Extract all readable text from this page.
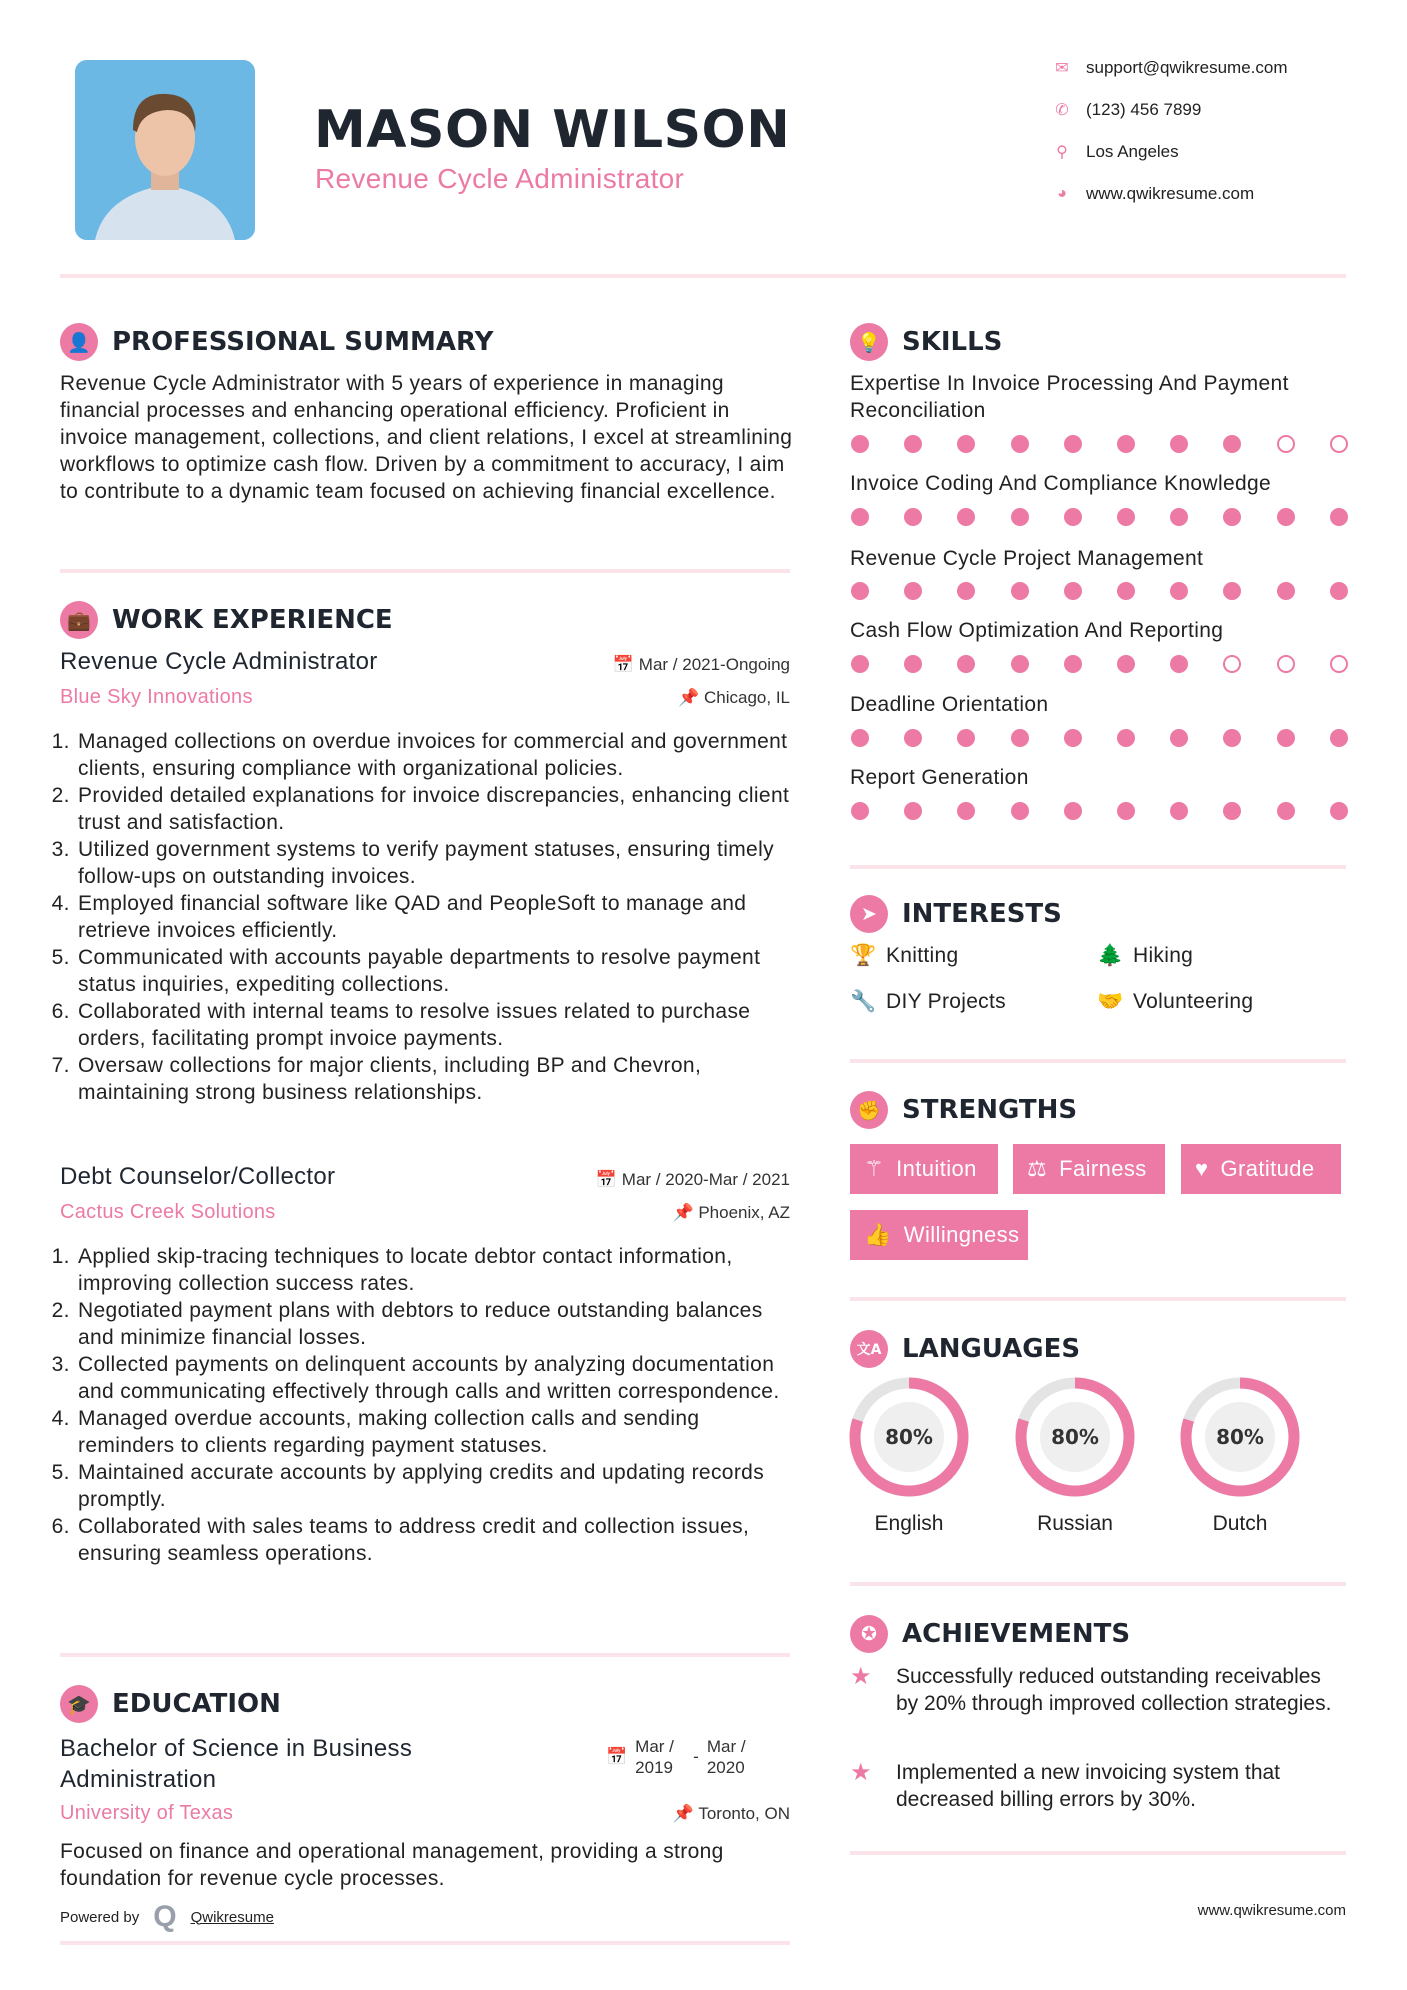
MASON WILSON
Revenue Cycle Administrator
✉ support@qwikresume.com
✆ (123) 456 7899
⚲ Los Angeles
◕	www.qwikresume.com
👤 PROFESSIONAL SUMMARY
Revenue Cycle Administrator with 5 years of experience in managing financial processes and enhancing operational efficiency. Proficient in invoice management, collections, and client relations, I excel at streamlining workflows to optimize cash flow. Driven by a commitment to accuracy, I aim to contribute to a dynamic team focused on achieving financial excellence.
💼 WORK EXPERIENCE
Revenue Cycle Administrator	📅 Mar / 2021-Ongoing
Blue Sky Innovations	📌 Chicago, IL
1. Managed collections on overdue invoices for commercial and government clients, ensuring compliance with organizational policies.
2. Provided detailed explanations for invoice discrepancies, enhancing client trust and satisfaction.
3. Utilized government systems to verify payment statuses, ensuring timely follow-ups on outstanding invoices.
4. Employed financial software like QAD and PeopleSoft to manage and retrieve invoices efficiently.
5. Communicated with accounts payable departments to resolve payment status inquiries, expediting collections.
6. Collaborated with internal teams to resolve issues related to purchase orders, facilitating prompt invoice payments.
7. Oversaw collections for major clients, including BP and Chevron, maintaining strong business relationships.
Debt Counselor/Collector	📅 Mar / 2020-Mar / 2021
Cactus Creek Solutions	📌 Phoenix, AZ
1. Applied skip-tracing techniques to locate debtor contact information, improving collection success rates.
2. Negotiated payment plans with debtors to reduce outstanding balances and minimize financial losses.
3. Collected payments on delinquent accounts by analyzing documentation and communicating effectively through calls and written correspondence.
4. Managed overdue accounts, making collection calls and sending reminders to clients regarding payment statuses.
5. Maintained accurate accounts by applying credits and updating records promptly.
6. Collaborated with sales teams to address credit and collection issues, ensuring seamless operations.
🎓 EDUCATION
Bachelor of Science in Business Administration
📅
Mar / 2019
-
Mar / 2020
University of Texas	📌 Toronto, ON
Focused on finance and operational management, providing a strong foundation for revenue cycle processes.
Powered by Q Qwikresume
💡 SKILLS
Expertise In Invoice Processing And Payment Reconciliation
Invoice Coding And Compliance Knowledge
Revenue Cycle Project Management
Cash Flow Optimization And Reporting
Deadline Orientation
Report Generation
➤ INTERESTS
🏆 Knitting	🌲 Hiking
🔧 DIY Projects	🤝 Volunteering
✊ STRENGTHS
⚚ Intuition ⚖ Fairness ♥ Gratitude
👍 Willingness
文A LANGUAGES
80%
English
80%
Russian
80%
Dutch
✪ ACHIEVEMENTS
★	Successfully reduced outstanding receivables by 20% through improved collection strategies.
★	Implemented a new invoicing system that decreased billing errors by 30%.
www.qwikresume.com
